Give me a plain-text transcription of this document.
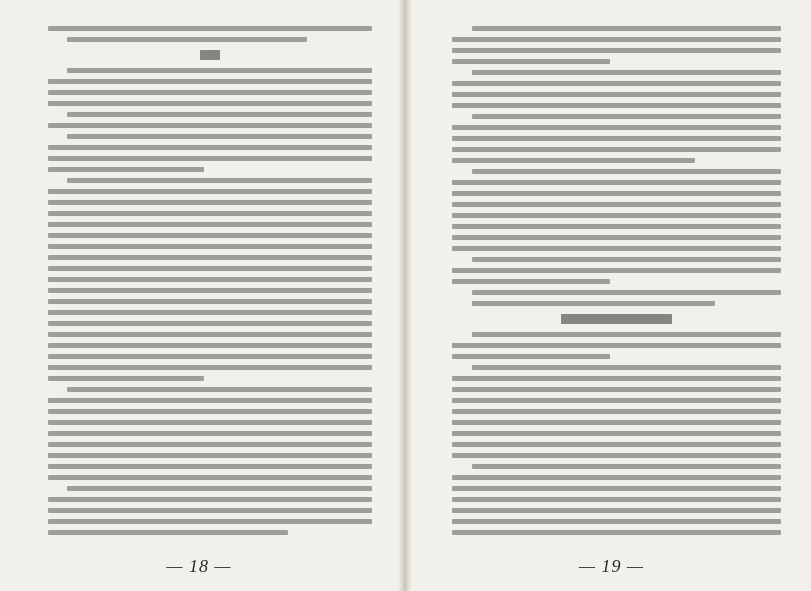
— 18 —	— 19 —
